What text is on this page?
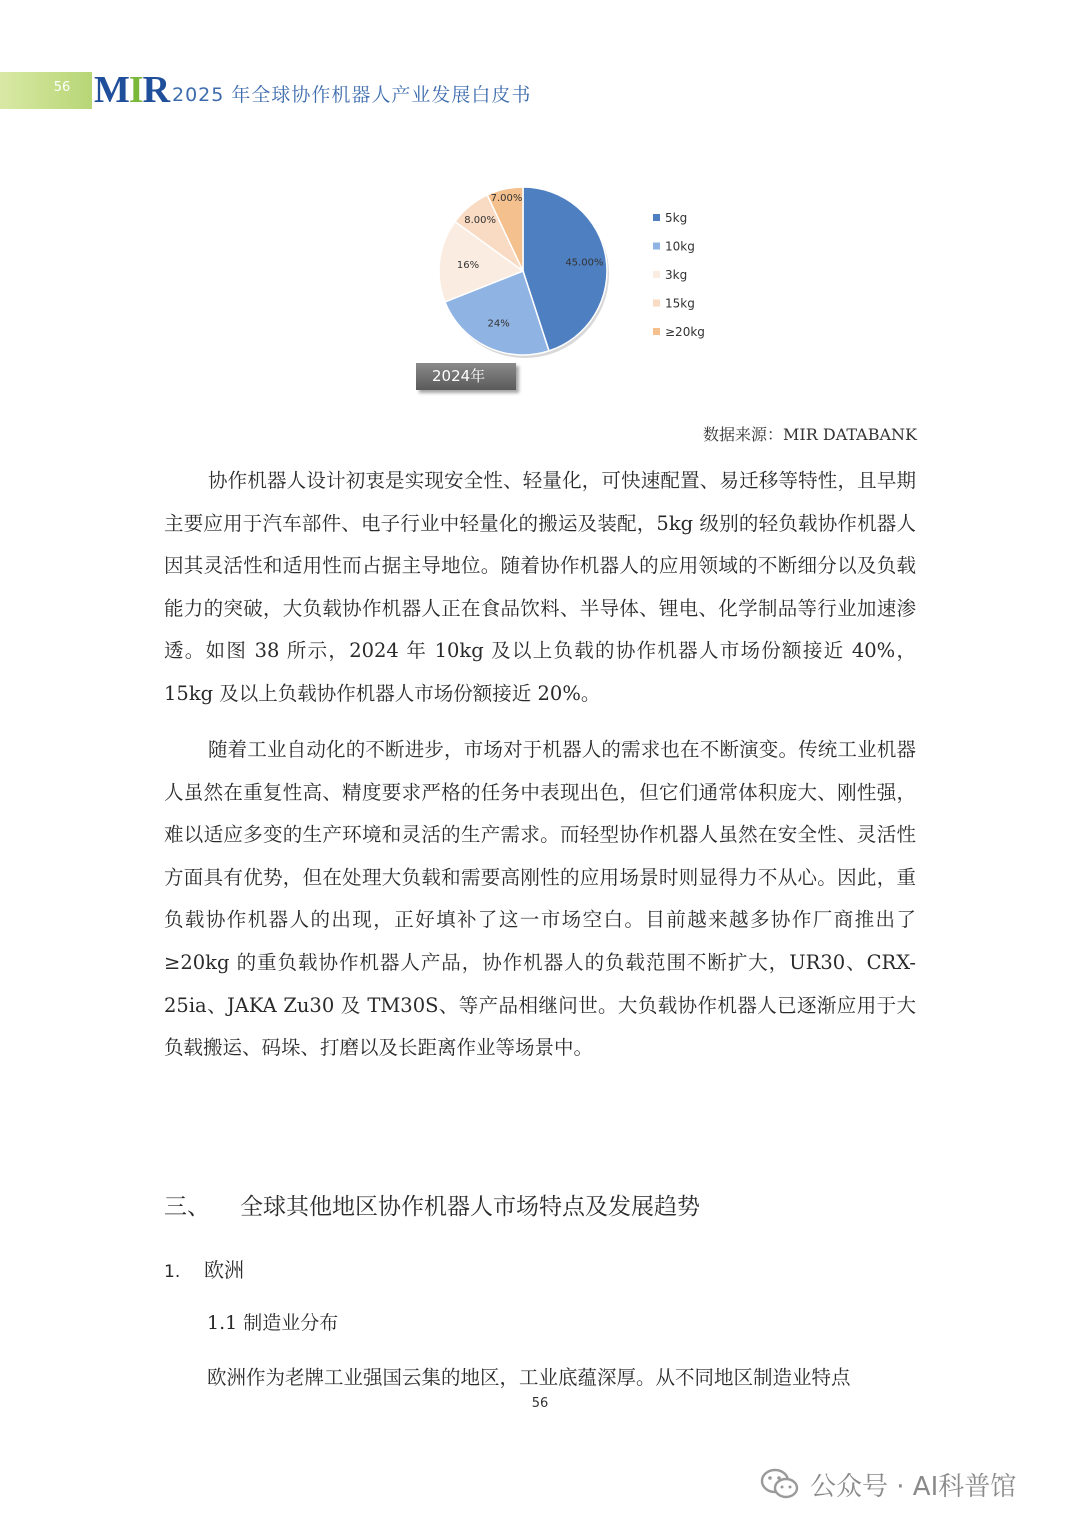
56 MIR 2025 年全球协作机器人产业发展白皮书
45.00%
24%
16%
8.00%
7.00%
5kg
10kg
3kg
15kg
≥20kg
2024年
数据来源：MIR DATABANK

协作机器人设计初衷是实现安全性、轻量化，可快速配置、易迁移等特性，且早期主要应用于汽车部件、电子行业中轻量化的搬运及装配，5kg 级别的轻负载协作机器人因其灵活性和适用性而占据主导地位。随着协作机器人的应用领域的不断细分以及负载能力的突破，大负载协作机器人正在食品饮料、半导体、锂电、化学制品等行业加速渗透。如图 38 所示，2024 年 10kg 及以上负载的协作机器人市场份额接近 40%，15kg 及以上负载协作机器人市场份额接近 20%。

随着工业自动化的不断进步，市场对于机器人的需求也在不断演变。传统工业机器人虽然在重复性高、精度要求严格的任务中表现出色，但它们通常体积庞大、刚性强，难以适应多变的生产环境和灵活的生产需求。而轻型协作机器人虽然在安全性、灵活性方面具有优势，但在处理大负载和需要高刚性的应用场景时则显得力不从心。因此，重负载协作机器人的出现，正好填补了这一市场空白。目前越来越多协作厂商推出了≥20kg 的重负载协作机器人产品，协作机器人的负载范围不断扩大，UR30、CRX-25ia、JAKA Zu30 及 TM30S、等产品相继问世。大负载协作机器人已逐渐应用于大负载搬运、码垛、打磨以及长距离作业等场景中。

三、 全球其他地区协作机器人市场特点及发展趋势
1. 欧洲
1.1 制造业分布
欧洲作为老牌工业强国云集的地区，工业底蕴深厚。从不同地区制造业特点
56
公众号 · AI科普馆
